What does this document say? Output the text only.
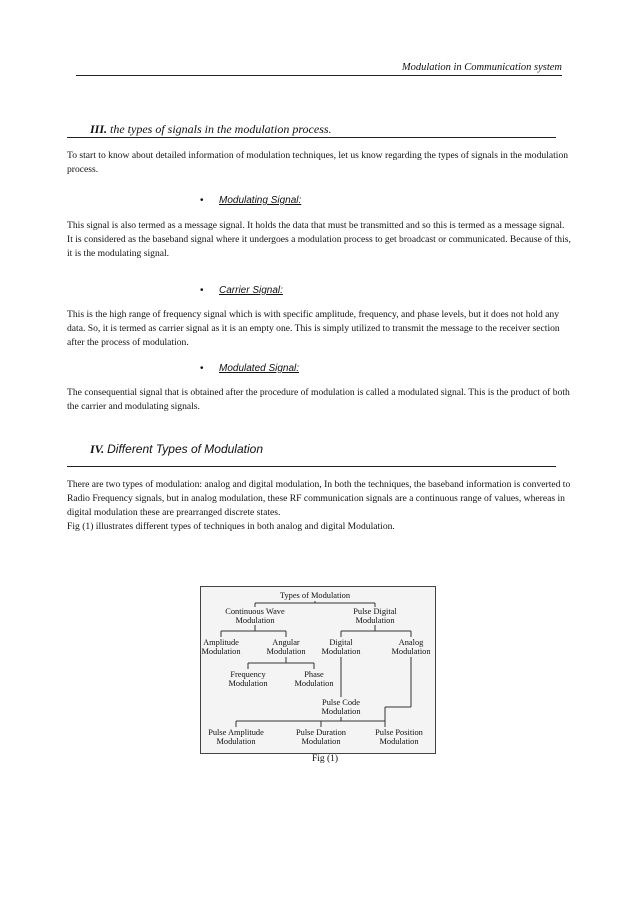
Modulation in Communication system
III. the types of signals in the modulation process.

To start to know about detailed information of modulation techniques, let us know regarding the types of signals in the modulation process.

• Modulating Signal:

This signal is also termed as a message signal. It holds the data that must be transmitted and so this is termed as a message signal. It is considered as the baseband signal where it undergoes a modulation process to get broadcast or communicated. Because of this, it is the modulating signal.

• Carrier Signal:

This is the high range of frequency signal which is with specific amplitude, frequency, and phase levels, but it does not hold any data. So, it is termed as carrier signal as it is an empty one. This is simply utilized to transmit the message to the receiver section after the process of modulation.

• Modulated Signal:

The consequential signal that is obtained after the procedure of modulation is called a modulated signal. This is the product of both the carrier and modulating signals.

IV. Different Types of Modulation

There are two types of modulation: analog and digital modulation, In both the techniques, the baseband information is converted to Radio Frequency signals, but in analog modulation, these RF communication signals are a continuous range of values, whereas in digital modulation these are prearranged discrete states.

Fig (1) illustrates different types of techniques in both analog and digital Modulation.

Types of Modulation
Continuous Wave
Modulation
Pulse Digital
Modulation
Amplitude
Modulation
Angular
Modulation
Digital
Modulation
Analog
Modulation
Frequency
Modulation
Phase
Modulation
Pulse Code
Modulation
Pulse Amplitude
Modulation
Pulse Duration
Modulation
Pulse Position
Modulation
Fig (1)
